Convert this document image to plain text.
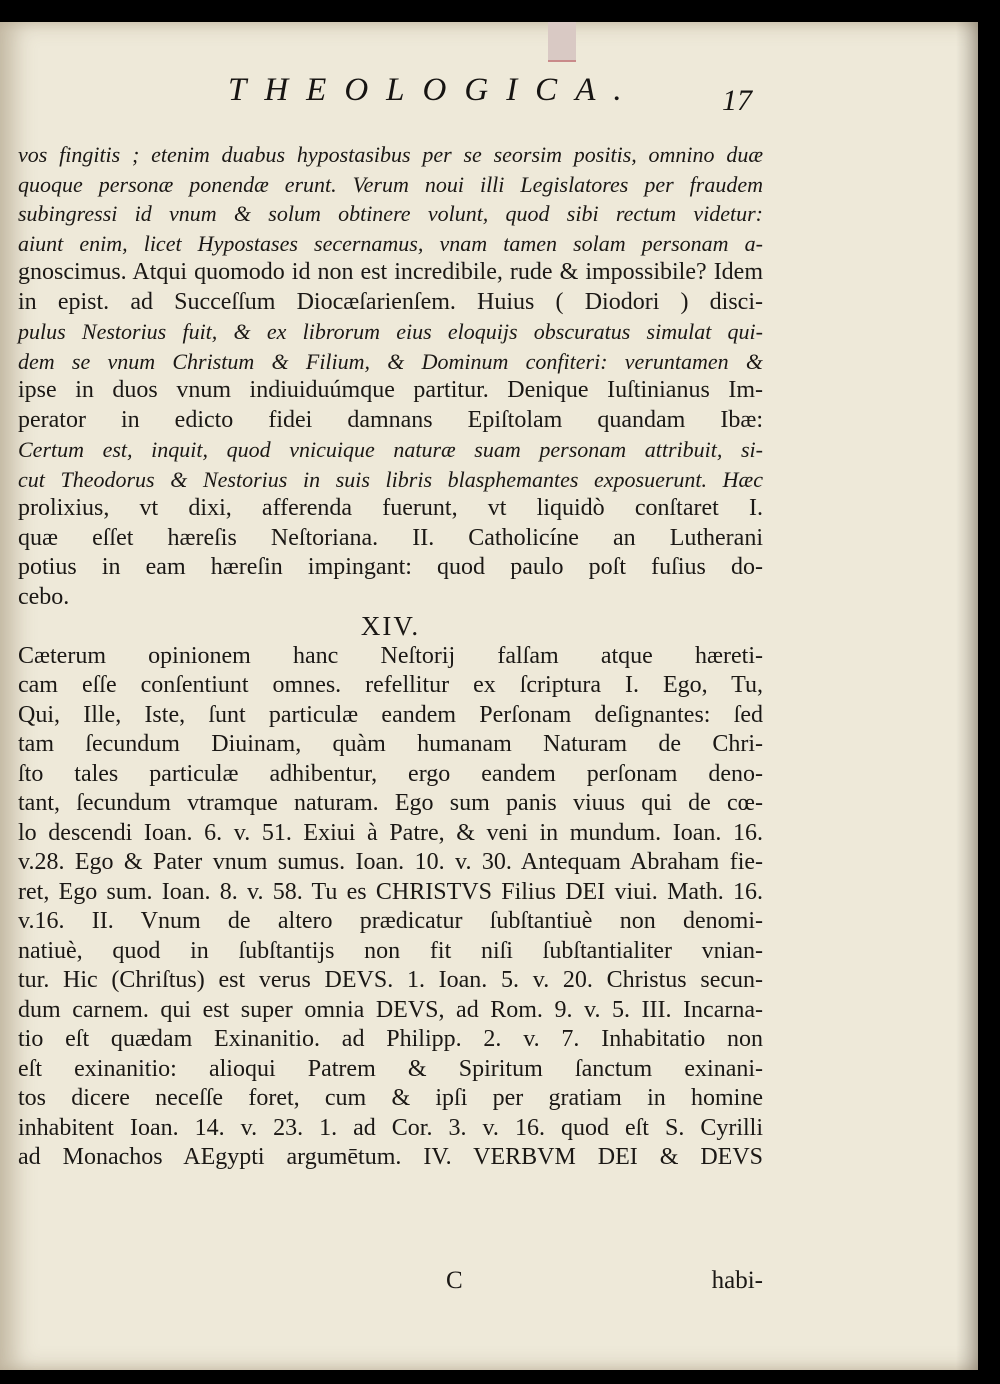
THEOLOGICA.	17
vos fingitis ; etenim duabus hypostasibus per se seorsim positis, omnino duæ
quoque personæ ponendæ erunt. Verum noui illi Legislatores per fraudem
subingressi id vnum & solum obtinere volunt, quod sibi rectum videtur:
aiunt enim, licet Hypostases secernamus, vnam tamen solam personam a-
gnoscimus. Atqui quomodo id non est incredibile, rude & impossibile? Idem
in epist. ad Succeſſum Diocæſarienſem. Huius ( Diodori ) disci-
pulus Nestorius fuit, & ex librorum eius eloquijs obscuratus simulat qui-
dem se vnum Christum & Filium, & Dominum confiteri: veruntamen &
ipse in duos vnum indiuiduúmque partitur. Denique Iuſtinianus Im-
perator in edicto fidei damnans Epiſtolam quandam Ibæ:
Certum est, inquit, quod vnicuique naturæ suam personam attribuit, si-
cut Theodorus & Nestorius in suis libris blasphemantes exposuerunt. Hæc
prolixius, vt dixi, afferenda fuerunt, vt liquidò conſtaret I.
quæ eſſet hæreſis Neſtoriana. II. Catholicíne an Lutherani
potius in eam hæreſin impingant: quod paulo poſt fuſius do-
cebo.
XIV.
Cæterum opinionem hanc Neſtorij falſam atque hæreti-
cam eſſe conſentiunt omnes. refellitur ex ſcriptura I. Ego, Tu,
Qui, Ille, Iste, ſunt particulæ eandem Perſonam deſignantes: ſed
tam ſecundum Diuinam, quàm humanam Naturam de Chri-
ſto tales particulæ adhibentur, ergo eandem perſonam deno-
tant, ſecundum vtramque naturam. Ego sum panis viuus qui de cœ-
lo descendi Ioan. 6. v. 51. Exiui à Patre, & veni in mundum. Ioan. 16.
v.28. Ego & Pater vnum sumus. Ioan. 10. v. 30. Antequam Abraham fie-
ret, Ego sum. Ioan. 8. v. 58. Tu es CHRISTVS Filius DEI viui. Math. 16.
v.16. II. Vnum de altero prædicatur ſubſtantiuè non denomi-
natiuè, quod in ſubſtantijs non fit niſi ſubſtantialiter vnian-
tur. Hic (Chriſtus) est verus DEVS. 1. Ioan. 5. v. 20. Christus secun-
dum carnem. qui est super omnia DEVS, ad Rom. 9. v. 5. III. Incarna-
tio eſt quædam Exinanitio. ad Philipp. 2. v. 7. Inhabitatio non
eſt exinanitio: alioqui Patrem & Spiritum ſanctum exinani-
tos dicere neceſſe foret, cum & ipſi per gratiam in homine
inhabitent Ioan. 14. v. 23. 1. ad Cor. 3. v. 16. quod eſt S. Cyrilli
ad Monachos AEgypti argumētum. IV. VERBVM DEI & DEVS
C	habi-
